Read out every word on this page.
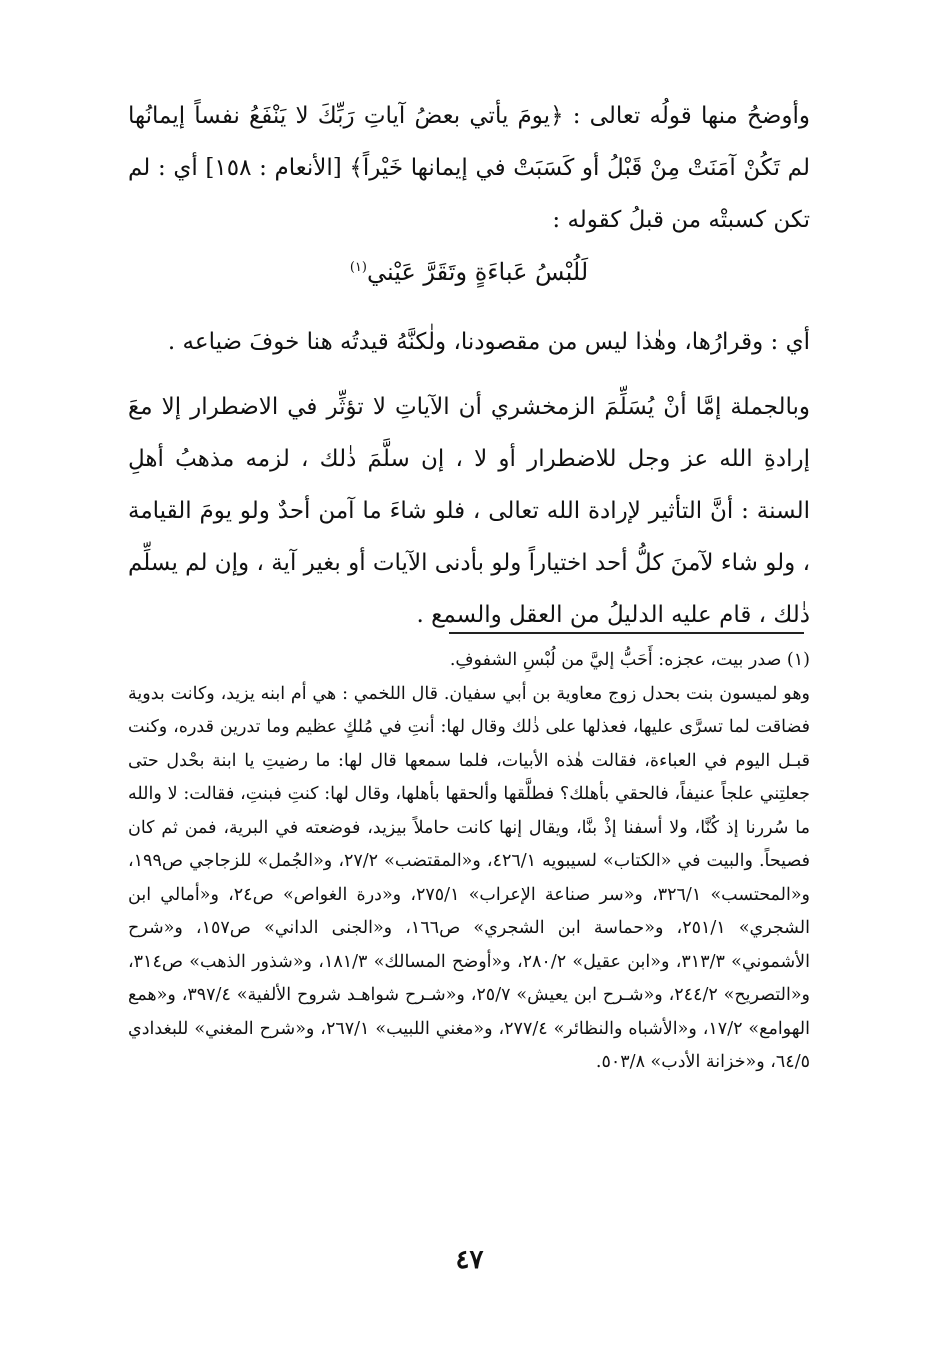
وأوضحُ منها قولُه تعالى : ﴿يومَ يأتي بعضُ آياتِ رَبِّكَ لا يَنْفَعُ نفساً إيمانُها لم تَكُنْ آمَنَتْ مِنْ قَبْلُ أو كَسَبَتْ في إيمانها خَيْراً﴾ [الأنعام : ١٥٨] أي : لم تكن كسبتْه من قبلُ كقوله :

لَلُبْسُ عَباءَةٍ وتَقَرَّ عَيْني$^{(١)}$

أي : وقرارُها، وهٰذا ليس من مقصودنا، ولٰكنَّهُ قيدتُه هنا خوفَ ضياعه .

وبالجملة إمَّا أنْ يُسَلِّمَ الزمخشري أن الآياتِ لا تؤثِّر في الاضطرار إلا معَ إرادةِ الله عز وجل للاضطرار أو لا ، إن سلَّمَ ذٰلك ، لزمه مذهبُ أهلِ السنة : أنَّ التأثير لإرادة الله تعالى ، فلو شاءَ ما آمن أحدٌ ولو يومَ القيامة ، ولو شاء لآمنَ كلُّ أحد اختياراً ولو بأدنى الآيات أو بغير آية ، وإن لم يسلِّم ذٰلك ، قام عليه الدليلُ من العقل والسمع .

(١) صدر بيت، عجزه: أَحَبُّ إليَّ من لُبْسِ الشفوفِ.

وهو لميسون بنت بحدل زوج معاوية بن أبي سفيان. قال اللخمي : هي أم ابنه يزيد، وكانت بدوية فضاقت لما تسرَّى عليها، فعذلها على ذٰلك وقال لها: أنتِ في مُلكٍ عظيم وما تدرين قدره، وكنت قبـل اليوم في العباءة، فقالت هٰذه الأبيات، فلما سمعها قال لها: ما رضيتِ يا ابنة بحْدل حتى جعلتِني علجاً عنيفاً، فالحقي بأهلك؟ فطلَّقها وألحقها بأهلها، وقال لها: كنتِ فبنتِ، فقالت: لا والله ما سُررنا إذ كُنَّا، ولا أسفنا إذْ بنَّا، ويقال إنها كانت حاملاً بيزيد، فوضعته في البرية، فمن ثم كان فصيحاً. والبيت في «الكتاب» لسيبويه ٤٢٦/١، و«المقتضب» ٢٧/٢، و«الجُمل» للزجاجي ص١٩٩، و«المحتسب» ٣٢٦/١، و«سر صناعة الإعراب» ٢٧٥/١، و«درة الغواص» ص٢٤، و«أمالي ابن الشجري» ٢٥١/١، و«حماسة ابن الشجري» ص١٦٦، و«الجنى الداني» ص١٥٧، و«شرح الأشموني» ٣١٣/٣، و«ابن عقيل» ٢٨٠/٢، و«أوضح المسالك» ١٨١/٣، و«شذور الذهب» ص٣١٤، و«التصريح» ٢٤٤/٢، و«شـرح ابن يعيش» ٢٥/٧، و«شـرح شواهـد شروح الألفية» ٣٩٧/٤، و«همع الهوامع» ١٧/٢، و«الأشباه والنظائر» ٢٧٧/٤، و«مغني اللبيب» ٢٦٧/١، و«شرح المغني» للبغدادي ٦٤/٥، و«خزانة الأدب» ٥٠٣/٨.

٤٧
